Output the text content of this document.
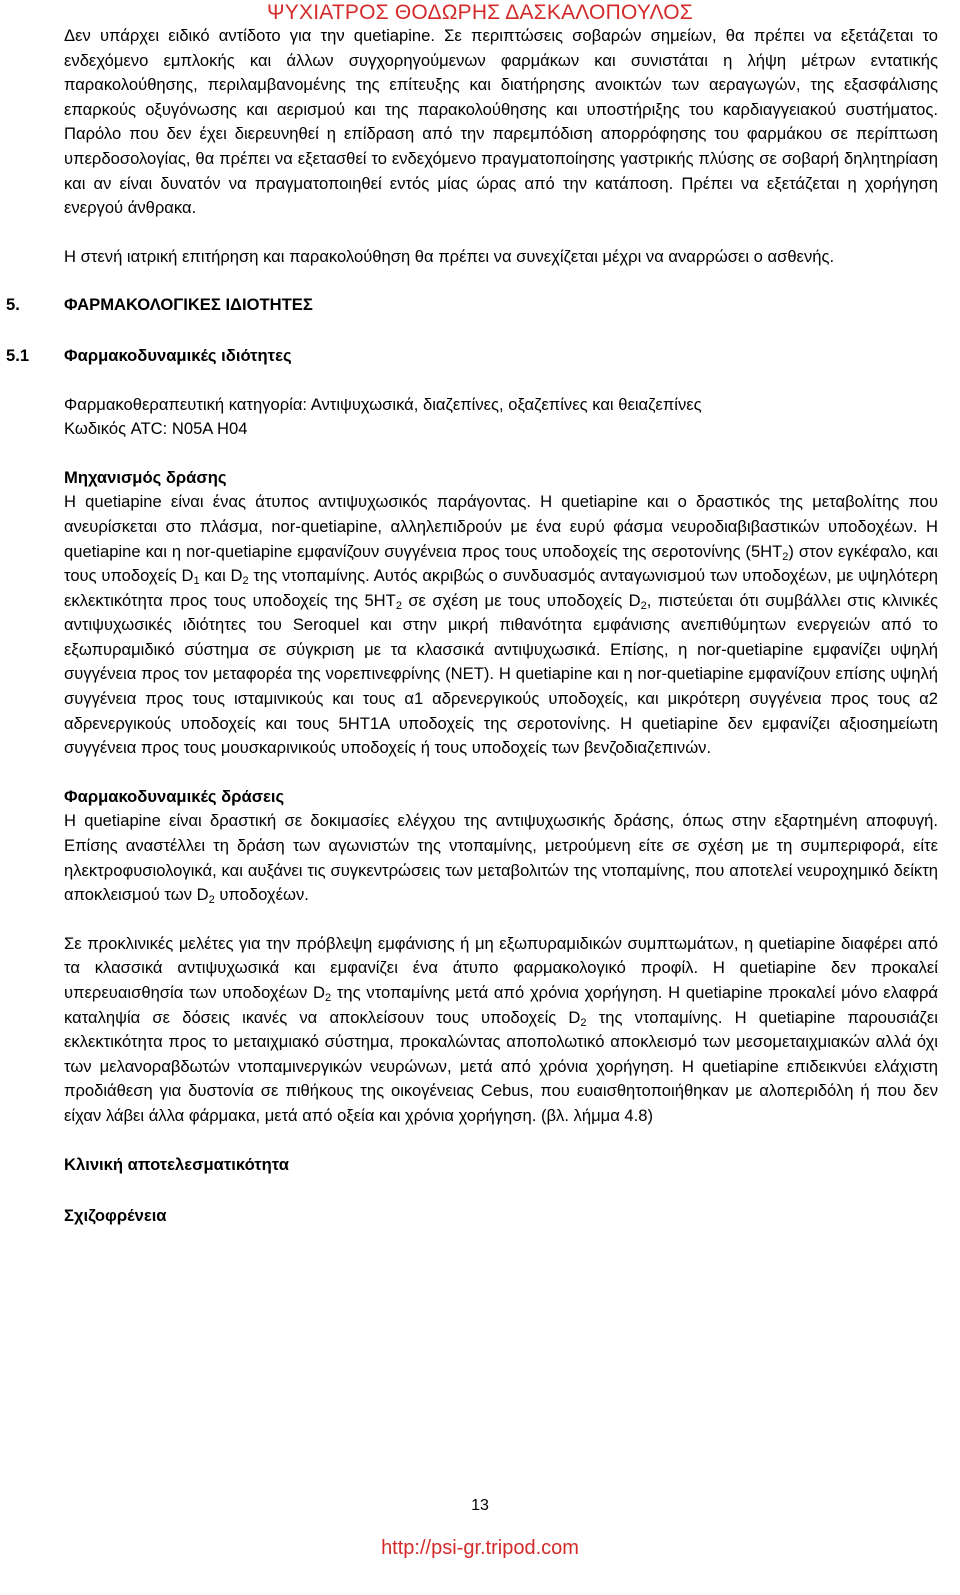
ΨΥΧΙΑΤΡΟΣ ΘΟΔΩΡΗΣ ΔΑΣΚΑΛΟΠΟΥΛΟΣ

Δεν υπάρχει ειδικό αντίδοτο για την quetiapine. Σε περιπτώσεις σοβαρών σημείων, θα πρέπει να εξετάζεται το ενδεχόμενο εμπλοκής και άλλων συγχορηγούμενων φαρμάκων και συνιστάται η λήψη μέτρων εντατικής παρακολούθησης, περιλαμβανομένης της επίτευξης και διατήρησης ανοικτών των αεραγωγών, της εξασφάλισης επαρκούς οξυγόνωσης και αερισμού και της παρακολούθησης και υποστήριξης του καρδιαγγειακού συστήματος. Παρόλο που δεν έχει διερευνηθεί η επίδραση από την παρεμπόδιση απορρόφησης του φαρμάκου σε περίπτωση υπερδοσολογίας, θα πρέπει να εξετασθεί το ενδεχόμενο πραγματοποίησης γαστρικής πλύσης σε σοβαρή δηλητηρίαση και αν είναι δυνατόν να πραγματοποιηθεί εντός μίας ώρας από την κατάποση. Πρέπει να εξετάζεται η χορήγηση ενεργού άνθρακα.

Η στενή ιατρική επιτήρηση και παρακολούθηση θα πρέπει να συνεχίζεται μέχρι να αναρρώσει ο ασθενής.

5.	ΦΑΡΜΑΚΟΛΟΓΙΚΕΣ ΙΔΙΟΤΗΤΕΣ

5.1 Φαρμακοδυναμικές ιδιότητες

Φαρμακοθεραπευτική κατηγορία: Αντιψυχωσικά, διαζεπίνες, οξαζεπίνες και θειαζεπίνες

Κωδικός ATC: N05A H04

Μηχανισμός δράσης

Η quetiapine είναι ένας άτυπος αντιψυχωσικός παράγοντας. Η quetiapine και ο δραστικός της μεταβολίτης που ανευρίσκεται στο πλάσμα, nor-quetiapine, αλληλεπιδρούν με ένα ευρύ φάσμα νευροδιαβιβαστικών υποδοχέων. Η quetiapine και η nor-quetiapine εμφανίζουν συγγένεια προς τους υποδοχείς της σεροτονίνης $(5HT_2)$ στον εγκέφαλο, και τους υποδοχείς $D_1$ και $D_2$ της ντοπαμίνης. Αυτός ακριβώς ο συνδυασμός ανταγωνισμού των υποδοχέων, με υψηλότερη εκλεκτικότητα προς τους υποδοχείς της $5HT_2$ σε σχέση με τους υποδοχείς $D_2$, πιστεύεται ότι συμβάλλει στις κλινικές αντιψυχωσικές ιδιότητες του Seroquel και στην μικρή πιθανότητα εμφάνισης ανεπιθύμητων ενεργειών από το εξωπυραμιδικό σύστημα σε σύγκριση με τα κλασσικά αντιψυχωσικά. Επίσης, η nor-quetiapine εμφανίζει υψηλή συγγένεια προς τον μεταφορέα της νορεπινεφρίνης (NET). Η quetiapine και η nor-quetiapine εμφανίζουν επίσης υψηλή συγγένεια προς τους ισταμινικούς και τους α1 αδρενεργικούς υποδοχείς, και μικρότερη συγγένεια προς τους α2 αδρενεργικούς υποδοχείς και τους 5HT1A υποδοχείς της σεροτονίνης. Η quetiapine δεν εμφανίζει αξιοσημείωτη συγγένεια προς τους μουσκαρινικούς υποδοχείς ή τους υποδοχείς των βενζοδιαζεπινών.

Φαρμακοδυναμικές δράσεις

Η quetiapine είναι δραστική σε δοκιμασίες ελέγχου της αντιψυχωσικής δράσης, όπως στην εξαρτημένη αποφυγή. Επίσης αναστέλλει τη δράση των αγωνιστών της ντοπαμίνης, μετρούμενη είτε σε σχέση με τη συμπεριφορά, είτε ηλεκτροφυσιολογικά, και αυξάνει τις συγκεντρώσεις των μεταβολιτών της ντοπαμίνης, που αποτελεί νευροχημικό δείκτη αποκλεισμού των $D_2$ υποδοχέων.

Σε προκλινικές μελέτες για την πρόβλεψη εμφάνισης ή μη εξωπυραμιδικών συμπτωμάτων, η quetiapine διαφέρει από τα κλασσικά αντιψυχωσικά και εμφανίζει ένα άτυπο φαρμακολογικό προφίλ. Η quetiapine δεν προκαλεί υπερευαισθησία των υποδοχέων $D_2$ της ντοπαμίνης μετά από χρόνια χορήγηση. Η quetiapine προκαλεί μόνο ελαφρά καταληψία σε δόσεις ικανές να αποκλείσουν τους υποδοχείς $D_2$ της ντοπαμίνης. Η quetiapine παρουσιάζει εκλεκτικότητα προς το μεταιχμιακό σύστημα, προκαλώντας αποπολωτικό αποκλεισμό των μεσομεταιχμιακών αλλά όχι των μελανοραβδωτών ντοπαμινεργικών νευρώνων, μετά από χρόνια χορήγηση. Η quetiapine επιδεικνύει ελάχιστη προδιάθεση για δυστονία σε πιθήκους της οικογένειας Cebus, που ευαισθητοποιήθηκαν με αλοπεριδόλη ή που δεν είχαν λάβει άλλα φάρμακα, μετά από οξεία και χρόνια χορήγηση. (βλ. λήμμα 4.8)

Κλινική αποτελεσματικότητα

Σχιζοφρένεια

13
http://psi-gr.tripod.com
